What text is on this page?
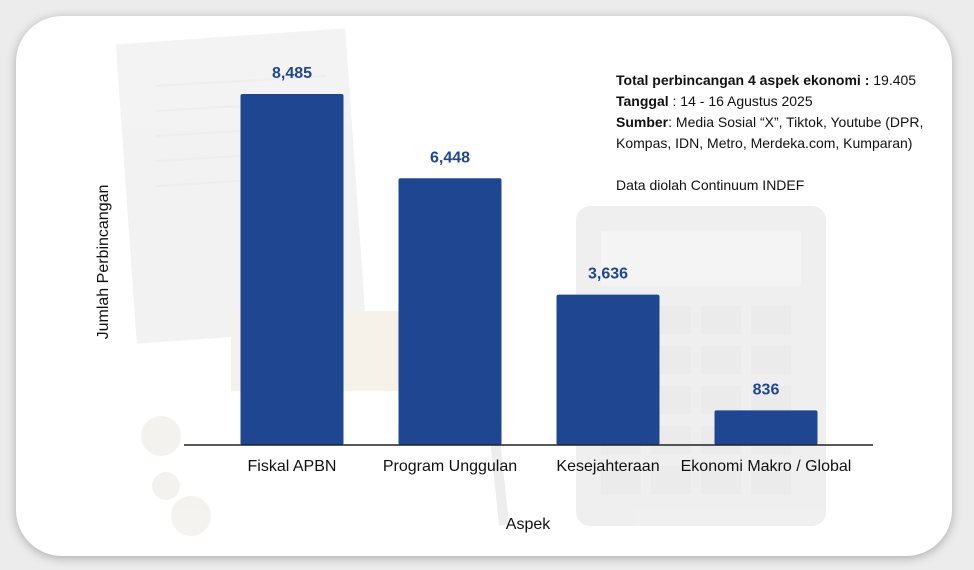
8,485
Fiskal APBN
6,448
Program Unggulan
3,636
Kesejahteraan
836
Ekonomi Makro / Global
Aspek
Jumlah Perbincangan
Total perbincangan 4 aspek ekonomi : 19.405
Tanggal : 14 - 16 Agustus 2025
Sumber: Media Sosial “X”, Tiktok, Youtube (DPR, Kompas, IDN, Metro, Merdeka.com, Kumparan)
Data diolah Continuum INDEF
